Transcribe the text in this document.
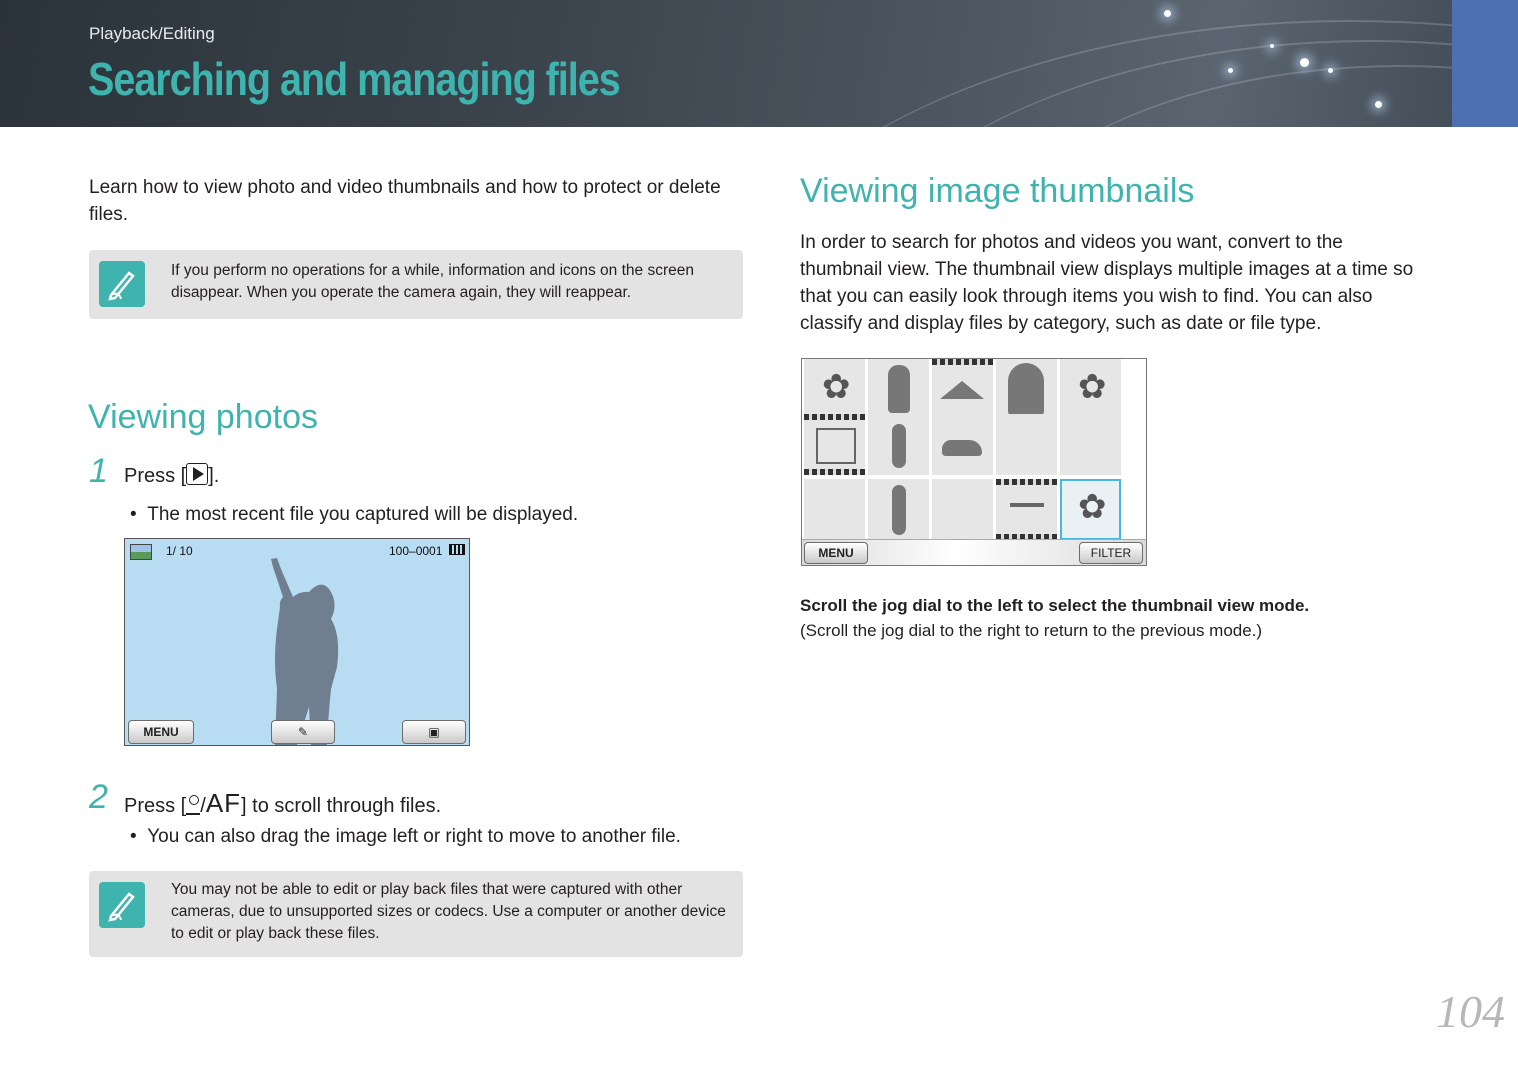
Playback/Editing
Searching and managing files
Learn how to view photo and video thumbnails and how to protect or delete files.
If you perform no operations for a while, information and icons on the screen disappear. When you operate the camera again, they will reappear.
Viewing photos
1 Press [ ].
•  The most recent file you captured will be displayed.
1/ 10	100–0001
MENU	✎	▣
2 Press [ /AF] to scroll through files.
•  You can also drag the image left or right to move to another file.
You may not be able to edit or play back files that were captured with other cameras, due to unsupported sizes or codecs. Use a computer or another device to edit or play back these files.
Viewing image thumbnails
In order to search for photos and videos you want, convert to the thumbnail view. The thumbnail view displays multiple images at a time so that you can easily look through items you wish to find. You can also classify and display files by category, such as date or file type.
✿	✿
✿
MENU	FILTER
Scroll the jog dial to the left to select the thumbnail view mode.
(Scroll the jog dial to the right to return to the previous mode.)
104
